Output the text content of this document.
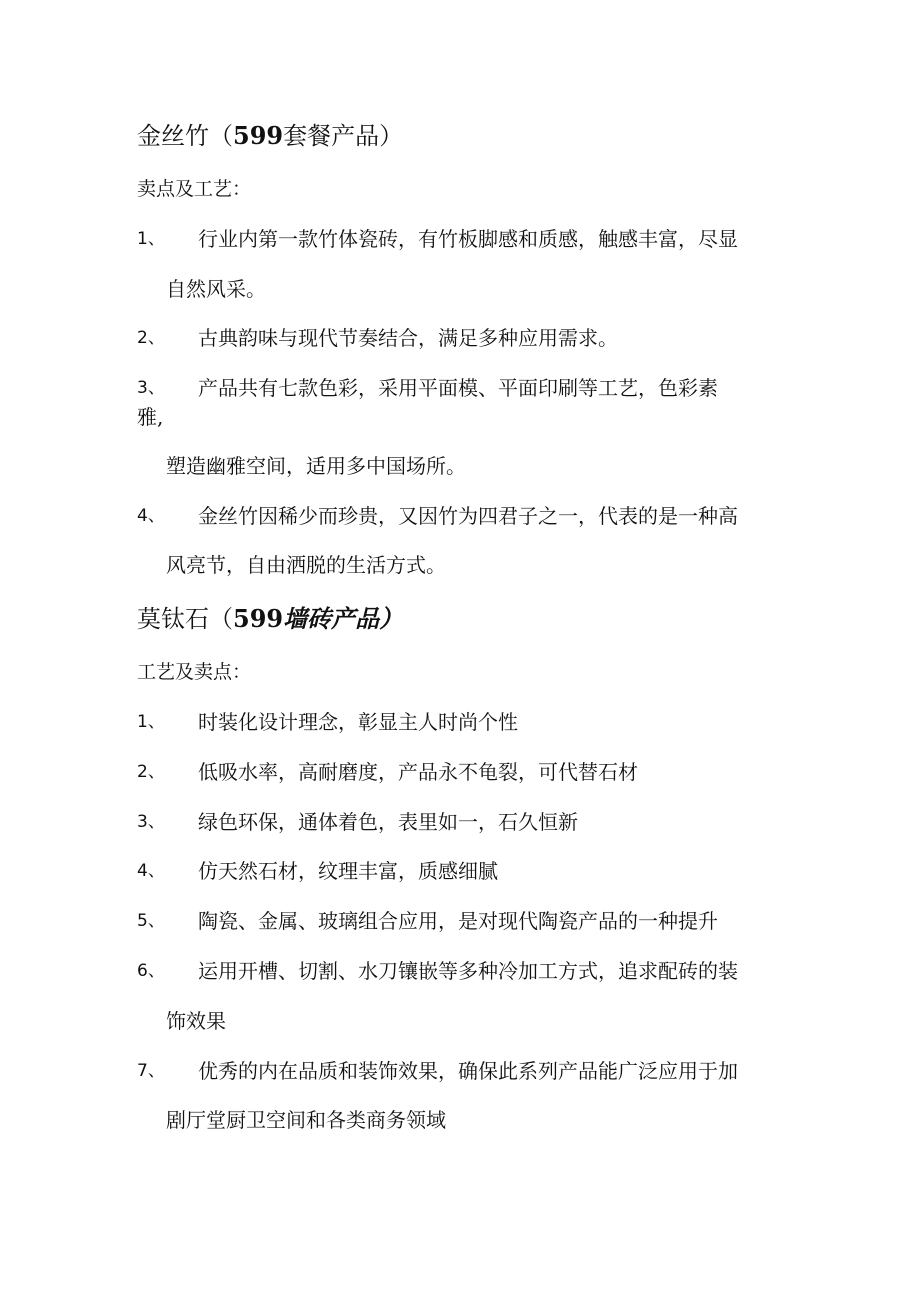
金丝竹（599套餐产品）
卖点及工艺：
1、 行业内第一款竹体瓷砖，有竹板脚感和质感，触感丰富，尽显
自然风采。
2、 古典韵味与现代节奏结合，满足多种应用需求。
3、 产品共有七款色彩，采用平面模、平面印刷等工艺，色彩素
雅,
塑造幽雅空间，适用多中国场所。
4、 金丝竹因稀少而珍贵，又因竹为四君子之一，代表的是一种高
风亮节，自由洒脱的生活方式。
莫钛石（599墙砖产品）
工艺及卖点：
1、 时装化设计理念，彰显主人时尚个性
2、 低吸水率，高耐磨度，产品永不龟裂，可代替石材
3、 绿色环保，通体着色，表里如一，石久恒新
4、 仿天然石材，纹理丰富，质感细腻
5、 陶瓷、金属、玻璃组合应用，是对现代陶瓷产品的一种提升
6、 运用开槽、切割、水刀镶嵌等多种冷加工方式，追求配砖的装
饰效果
7、 优秀的内在品质和装饰效果，确保此系列产品能广泛应用于加
剧厅堂厨卫空间和各类商务领域
